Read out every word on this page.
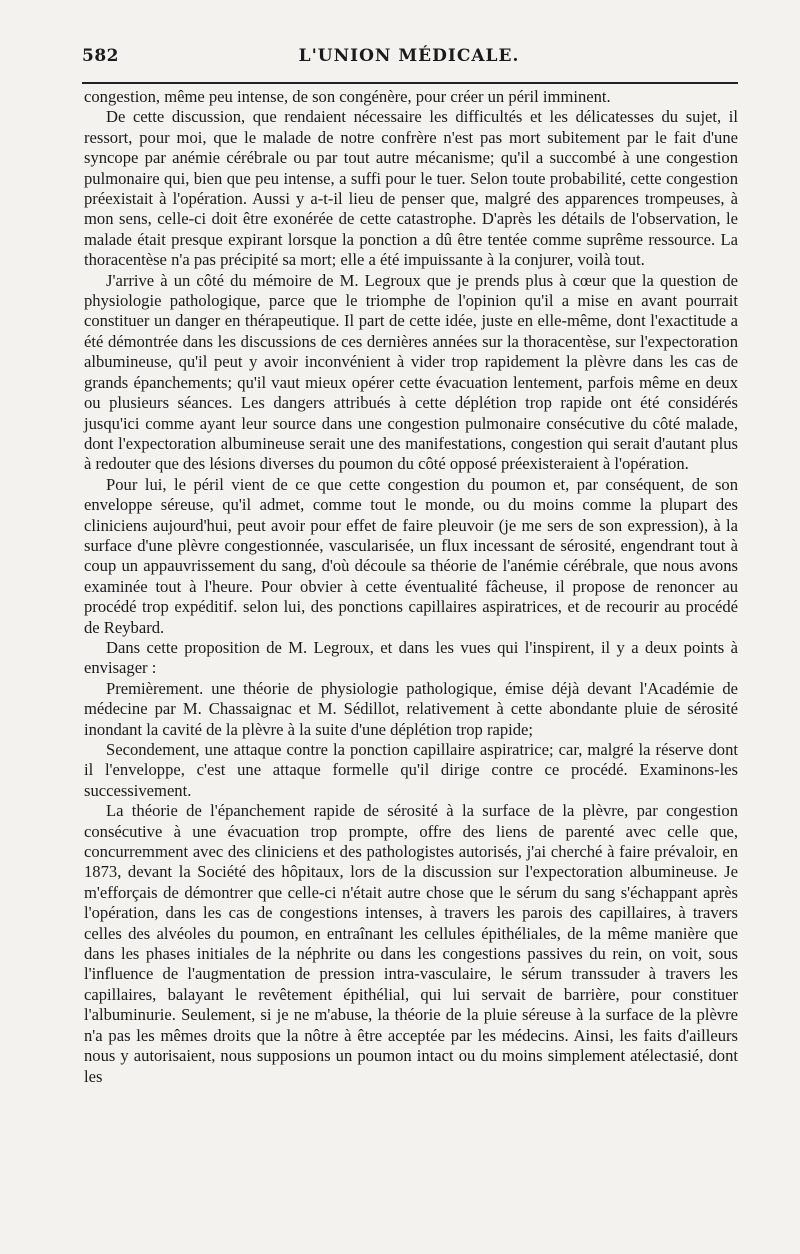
582	L'UNION MÉDICALE.

congestion, même peu intense, de son congénère, pour créer un péril imminent.

De cette discussion, que rendaient nécessaire les difficultés et les délicatesses du sujet, il ressort, pour moi, que le malade de notre confrère n'est pas mort subitement par le fait d'une syncope par anémie cérébrale ou par tout autre mécanisme; qu'il a succombé à une congestion pulmonaire qui, bien que peu intense, a suffi pour le tuer. Selon toute probabilité, cette congestion préexistait à l'opération. Aussi y a-t-il lieu de penser que, malgré des apparences trompeuses, à mon sens, celle-ci doit être exonérée de cette catastrophe. D'après les détails de l'observation, le malade était presque expirant lorsque la ponction a dû être tentée comme suprême ressource. La thoracentèse n'a pas précipité sa mort; elle a été impuissante à la conjurer, voilà tout.

J'arrive à un côté du mémoire de M. Legroux que je prends plus à cœur que la question de physiologie pathologique, parce que le triomphe de l'opinion qu'il a mise en avant pourrait constituer un danger en thérapeutique. Il part de cette idée, juste en elle-même, dont l'exactitude a été démontrée dans les discussions de ces dernières années sur la thoracentèse, sur l'expectoration albumineuse, qu'il peut y avoir inconvénient à vider trop rapidement la plèvre dans les cas de grands épanchements; qu'il vaut mieux opérer cette évacuation lentement, parfois même en deux ou plusieurs séances. Les dangers attribués à cette déplétion trop rapide ont été considérés jusqu'ici comme ayant leur source dans une congestion pulmonaire consécutive du côté malade, dont l'expectoration albumineuse serait une des manifestations, congestion qui serait d'autant plus à redouter que des lésions diverses du poumon du côté opposé préexisteraient à l'opération.

Pour lui, le péril vient de ce que cette congestion du poumon et, par conséquent, de son enveloppe séreuse, qu'il admet, comme tout le monde, ou du moins comme la plupart des cliniciens aujourd'hui, peut avoir pour effet de faire pleuvoir (je me sers de son expression), à la surface d'une plèvre congestionnée, vascularisée, un flux incessant de sérosité, engendrant tout à coup un appauvrissement du sang, d'où découle sa théorie de l'anémie cérébrale, que nous avons examinée tout à l'heure. Pour obvier à cette éventualité fâcheuse, il propose de renoncer au procédé trop expéditif. selon lui, des ponctions capillaires aspiratrices, et de recourir au procédé de Reybard.

Dans cette proposition de M. Legroux, et dans les vues qui l'inspirent, il y a deux points à envisager :

Premièrement. une théorie de physiologie pathologique, émise déjà devant l'Académie de médecine par M. Chassaignac et M. Sédillot, relativement à cette abondante pluie de sérosité inondant la cavité de la plèvre à la suite d'une déplétion trop rapide;

Secondement, une attaque contre la ponction capillaire aspiratrice; car, malgré la réserve dont il l'enveloppe, c'est une attaque formelle qu'il dirige contre ce procédé. Examinons-les successivement.

La théorie de l'épanchement rapide de sérosité à la surface de la plèvre, par congestion consécutive à une évacuation trop prompte, offre des liens de parenté avec celle que, concurremment avec des cliniciens et des pathologistes autorisés, j'ai cherché à faire prévaloir, en 1873, devant la Société des hôpitaux, lors de la discussion sur l'expectoration albumineuse. Je m'efforçais de démontrer que celle-ci n'était autre chose que le sérum du sang s'échappant après l'opération, dans les cas de congestions intenses, à travers les parois des capillaires, à travers celles des alvéoles du poumon, en entraînant les cellules épithéliales, de la même manière que dans les phases initiales de la néphrite ou dans les congestions passives du rein, on voit, sous l'influence de l'augmentation de pression intra-vasculaire, le sérum transsuder à travers les capillaires, balayant le revêtement épithélial, qui lui servait de barrière, pour constituer l'albuminurie. Seulement, si je ne m'abuse, la théorie de la pluie séreuse à la surface de la plèvre n'a pas les mêmes droits que la nôtre à être acceptée par les médecins. Ainsi, les faits d'ailleurs nous y autorisaient, nous supposions un poumon intact ou du moins simplement atélectasié, dont les
